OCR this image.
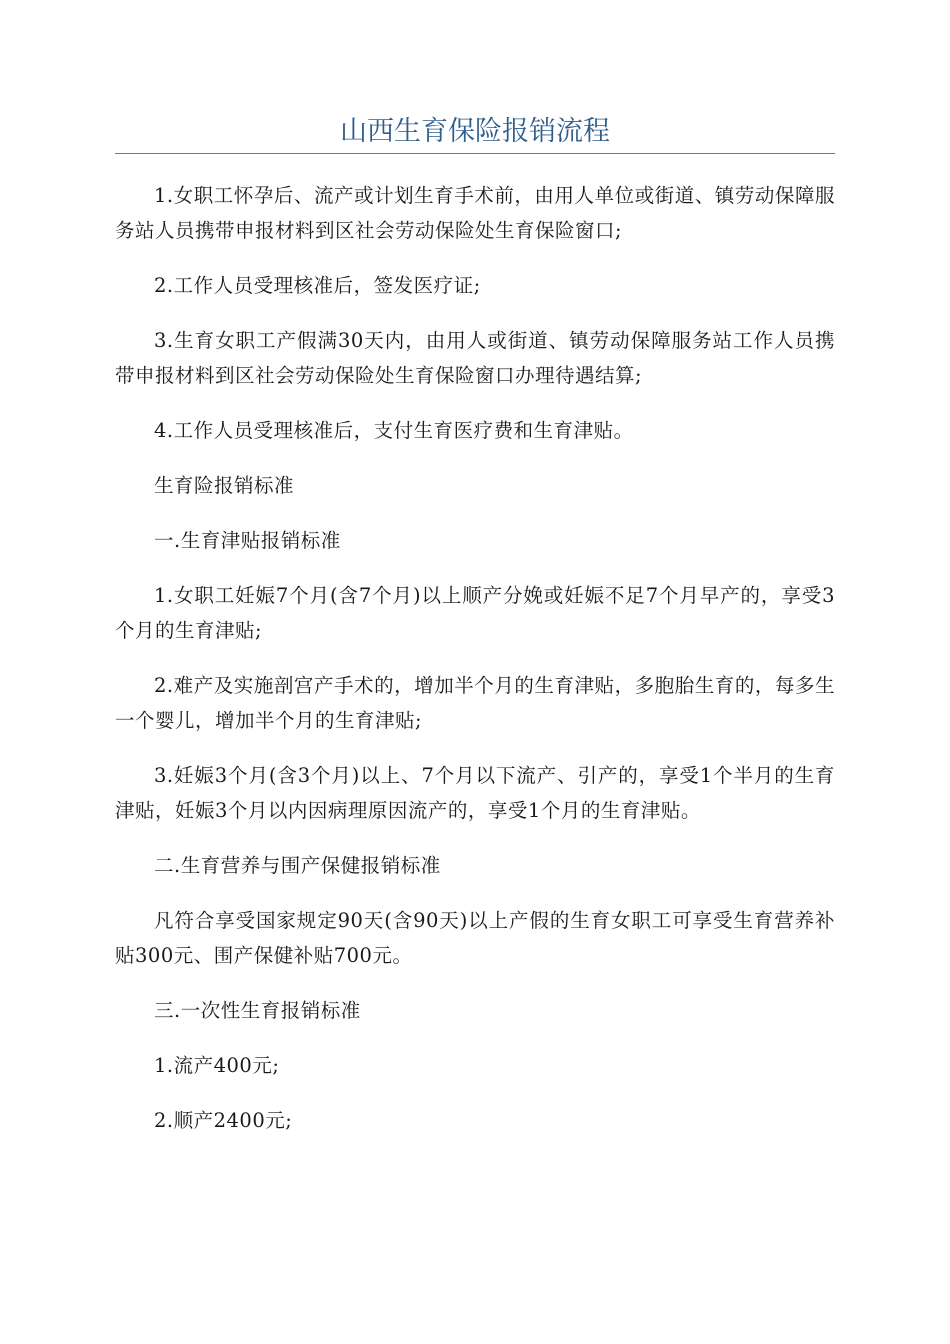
山西生育保险报销流程

1.女职工怀孕后、流产或计划生育手术前，由用人单位或街道、镇劳动保障服务站人员携带申报材料到区社会劳动保险处生育保险窗口;

2.工作人员受理核准后，签发医疗证;

3.生育女职工产假满30天内，由用人或街道、镇劳动保障服务站工作人员携带申报材料到区社会劳动保险处生育保险窗口办理待遇结算;

4.工作人员受理核准后，支付生育医疗费和生育津贴。

生育险报销标准

一.生育津贴报销标准

1.女职工妊娠7个月(含7个月)以上顺产分娩或妊娠不足7个月早产的，享受3个月的生育津贴;

2.难产及实施剖宫产手术的，增加半个月的生育津贴，多胞胎生育的，每多生一个婴儿，增加半个月的生育津贴;

3.妊娠3个月(含3个月)以上、7个月以下流产、引产的，享受1个半月的生育津贴，妊娠3个月以内因病理原因流产的，享受1个月的生育津贴。

二.生育营养与围产保健报销标准

凡符合享受国家规定90天(含90天)以上产假的生育女职工可享受生育营养补贴300元、围产保健补贴700元。

三.一次性生育报销标准

1.流产400元;

2.顺产2400元;
